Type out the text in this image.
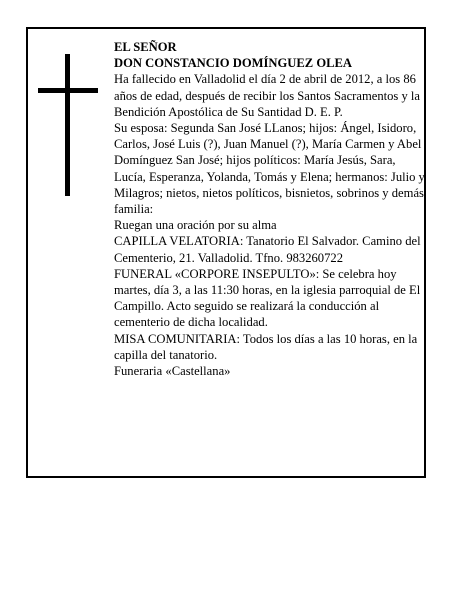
EL SEÑOR

DON CONSTANCIO DOMÍNGUEZ OLEA

Ha fallecido en Valladolid el día 2 de abril de 2012, a los 86 años de edad, después de recibir los Santos Sacramentos y la Bendición Apostólica de Su Santidad D. E. P.

Su esposa: Segunda San José LLanos; hijos: Ángel, Isidoro, Carlos, José Luis (?), Juan Manuel (?), María Carmen y Abel Domínguez San José; hijos políticos: María Jesús, Sara, Lucía, Esperanza, Yolanda, Tomás y Elena; hermanos: Julio y Milagros; nietos, nietos políticos, bisnietos, sobrinos y demás familia:

Ruegan una oración por su alma

CAPILLA VELATORIA: Tanatorio El Salvador. Camino del Cementerio, 21. Valladolid. Tfno. 983260722

FUNERAL «CORPORE INSEPULTO»: Se celebra hoy martes, día 3, a las 11:30 horas, en la iglesia parroquial de El Campillo. Acto seguido se realizará la conducción al cementerio de dicha localidad.

MISA COMUNITARIA: Todos los días a las 10 horas, en la capilla del tanatorio.

Funeraria «Castellana»
